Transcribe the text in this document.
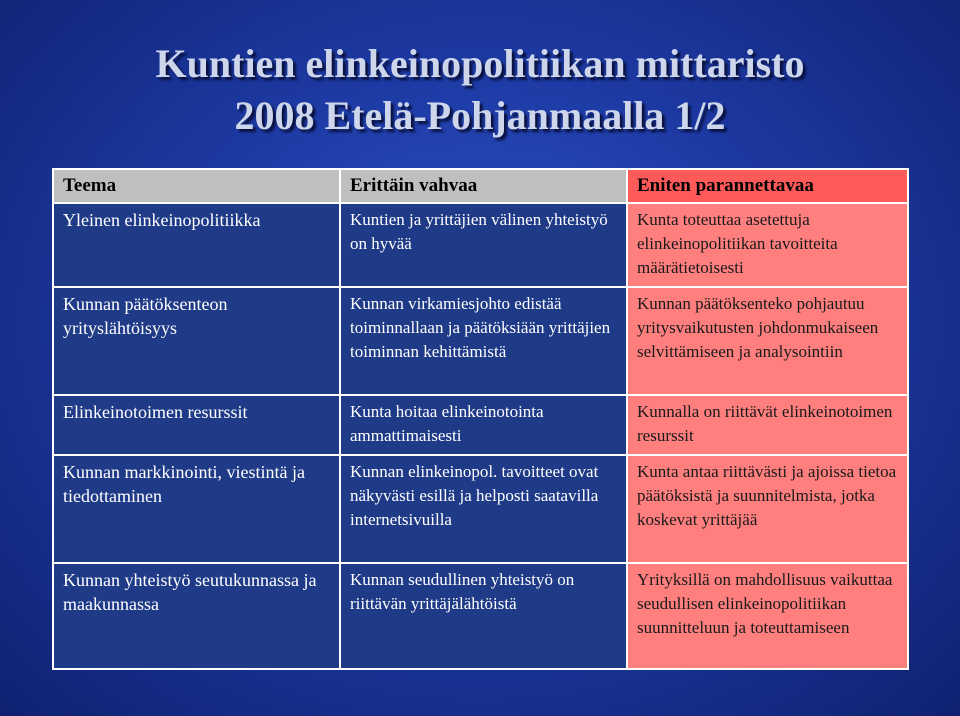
Kuntien elinkeinopolitiikan mittaristo
2008 Etelä-Pohjanmaalla 1/2
Teema	Erittäin vahvaa	Eniten parannettavaa
Yleinen elinkeinopolitiikka	Kuntien ja yrittäjien välinen yhteistyö on hyvää	Kunta toteuttaa asetettuja elinkeinopolitiikan tavoitteita määrätietoisesti
Kunnan päätöksenteon yrityslähtöisyys	Kunnan virkamiesjohto edistää toiminnallaan ja päätöksiään yrittäjien toiminnan kehittämistä	Kunnan päätöksenteko pohjautuu yritysvaikutusten johdonmukaiseen selvittämiseen ja analysointiin
Elinkeinotoimen resurssit	Kunta hoitaa elinkeinotointa ammattimaisesti	Kunnalla on riittävät elinkeinotoimen resurssit
Kunnan markkinointi, viestintä ja tiedottaminen	Kunnan elinkeinopol. tavoitteet ovat näkyvästi esillä ja helposti saatavilla internetsivuilla	Kunta antaa riittävästi ja ajoissa tietoa päätöksistä ja suunnitelmista, jotka koskevat yrittäjää
Kunnan yhteistyö seutukunnassa ja maakunnassa	Kunnan seudullinen yhteistyö on riittävän yrittäjälähtöistä	Yrityksillä on mahdollisuus vaikuttaa seudullisen elinkeinopolitiikan suunnitteluun ja toteuttamiseen
